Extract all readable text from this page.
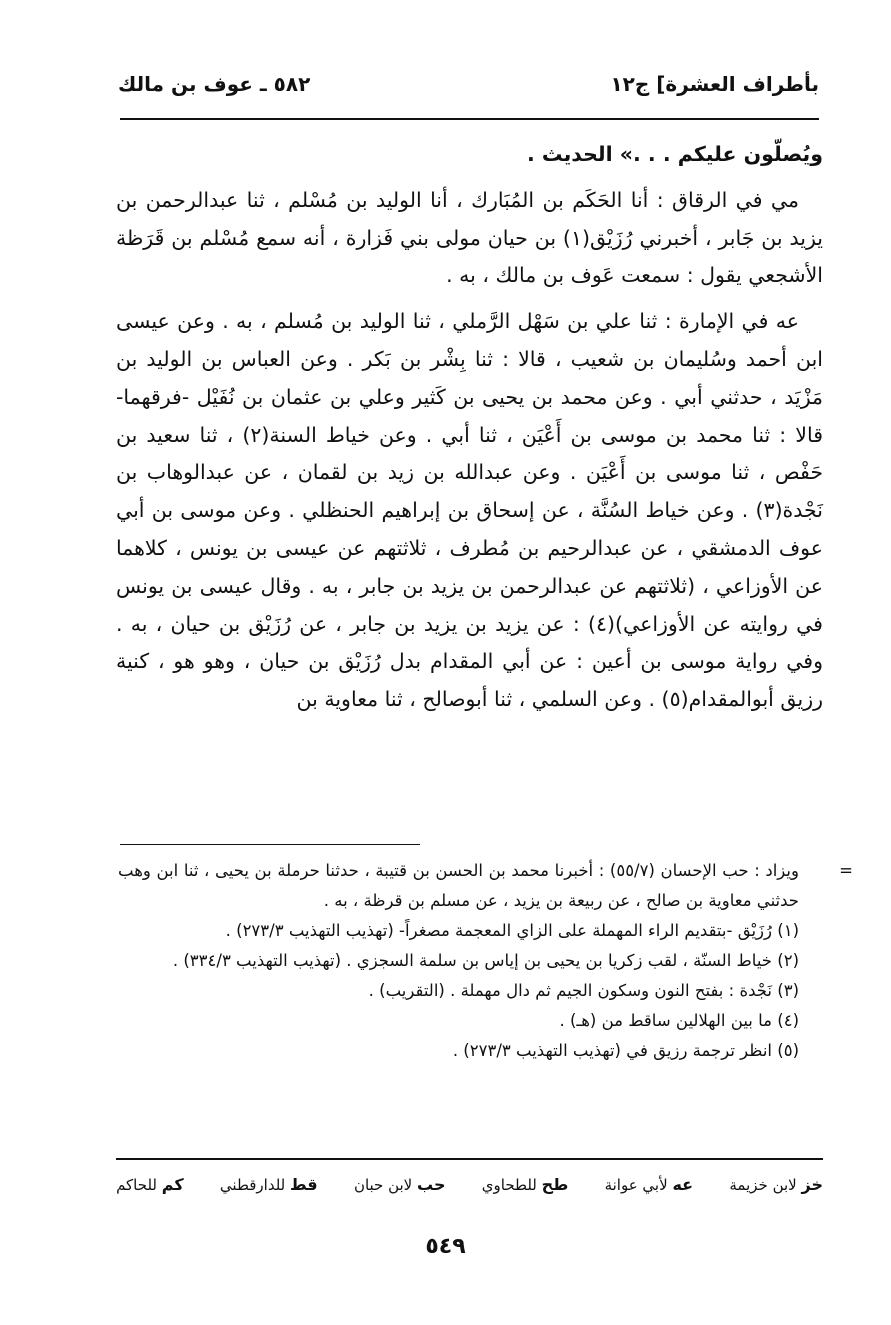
بأطراف العشرة] ج١٢
٥٨٢ ـ عوف بن مالك

ويُصلّون عليكم . . .» الحديث .

مي في الرقاق : أنا الحَكَم بن المُبَارك ، أنا الوليد بن مُسْلم ، ثنا عبدالرحمن بن يزيد بن جَابر ، أخبرني رُزَيْق(١) بن حيان مولى بني فَزارة ، أنه سمع مُسْلم بن قَرَظة الأشجعي يقول : سمعت عَوف بن مالك ، به .

عه في الإمارة : ثنا علي بن سَهْل الرَّملي ، ثنا الوليد بن مُسلم ، به . وعن عيسى ابن أحمد وسُليمان بن شعيب ، قالا : ثنا بِشْر بن بَكر . وعن العباس بن الوليد بن مَزْيَد ، حدثني أبي . وعن محمد بن يحيى بن كَثير وعلي بن عثمان بن نُفَيْل -فرقهما- قالا : ثنا محمد بن موسى بن أَعْيَن ، ثنا أبي . وعن خياط السنة(٢) ، ثنا سعيد بن حَفْص ، ثنا موسى بن أَعْيَن . وعن عبدالله بن زيد بن لقمان ، عن عبدالوهاب بن نَجْدة(٣) . وعن خياط السُنَّة ، عن إسحاق بن إبراهيم الحنظلي . وعن موسى بن أبي عوف الدمشقي ، عن عبدالرحيم بن مُطرف ، ثلاثتهم عن عيسى بن يونس ، كلاهما عن الأوزاعي ، (ثلاثتهم عن عبدالرحمن بن يزيد بن جابر ، به . وقال عيسى بن يونس في روايته عن الأوزاعي)(٤) : عن يزيد بن يزيد بن جابر ، عن رُزَيْق بن حيان ، به . وفي رواية موسى بن أعين : عن أبي المقدام بدل رُزَيْق بن حيان ، وهو هو ، كنية رزيق أبوالمقدام(٥) . وعن السلمي ، ثنا أبوصالح ، ثنا معاوية بن

=
ويزاد : حب الإحسان (٥٥/٧) : أخبرنا محمد بن الحسن بن قتيبة ، حدثنا حرملة بن يحيى ، ثنا ابن وهب حدثني معاوية بن صالح ، عن ربيعة بن يزيد ، عن مسلم بن قرظة ، به .

(١) رُزَيْق -بتقديم الراء المهملة على الزاي المعجمة مصغراً- (تهذيب التهذيب ٢٧٣/٣) .

(٢) خياط السنّة ، لقب زكريا بن يحيى بن إياس بن سلمة السجزي . (تهذيب التهذيب ٣٣٤/٣) .

(٣) نَجْدة : بفتح النون وسكون الجيم ثم دال مهملة . (التقريب) .

(٤) ما بين الهلالين ساقط من (هـ) .

(٥) انظر ترجمة رزيق في (تهذيب التهذيب ٢٧٣/٣) .

خز لابن خزيمة
عه لأبي عوانة
طح للطحاوي
حب لابن حبان
قط للدارقطني
كم للحاكم
٥٤٩
